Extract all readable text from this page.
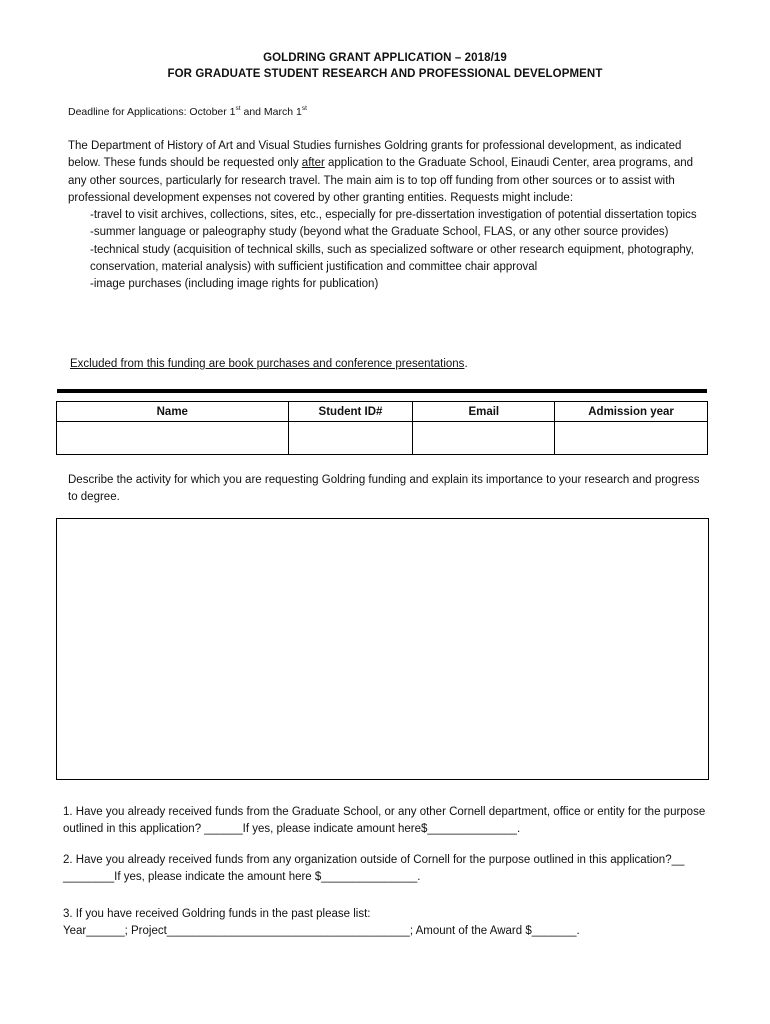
GOLDRING GRANT APPLICATION – 2018/19
FOR GRADUATE STUDENT RESEARCH AND PROFESSIONAL DEVELOPMENT
Deadline for Applications: October 1st and March 1st

The Department of History of Art and Visual Studies furnishes Goldring grants for professional development, as indicated below. These funds should be requested only after application to the Graduate School, Einaudi Center, area programs, and any other sources, particularly for research travel. The main aim is to top off funding from other sources or to assist with professional development expenses not covered by other granting entities. Requests might include:

-travel to visit archives, collections, sites, etc., especially for pre-dissertation investigation of potential dissertation topics

-summer language or paleography study (beyond what the Graduate School, FLAS, or any other source provides)

-technical study (acquisition of technical skills, such as specialized software or other research equipment, photography, conservation, material analysis) with sufficient justification and committee chair approval

-image purchases (including image rights for publication)

Excluded from this funding are book purchases and conference presentations.
Name	Student ID#	Email	Admission year

Describe the activity for which you are requesting Goldring funding and explain its importance to your research and progress to degree.
1. Have you already received funds from the Graduate School, or any other Cornell department, office or entity for the purpose outlined in this application? ______If yes, please indicate amount here$______________.
2. Have you already received funds from any organization outside of Cornell for the purpose outlined in this application?__ ________If yes, please indicate the amount here $_______________.
3. If you have received Goldring funds in the past please list:
Year______; Project______________________________________; Amount of the Award $_______.
